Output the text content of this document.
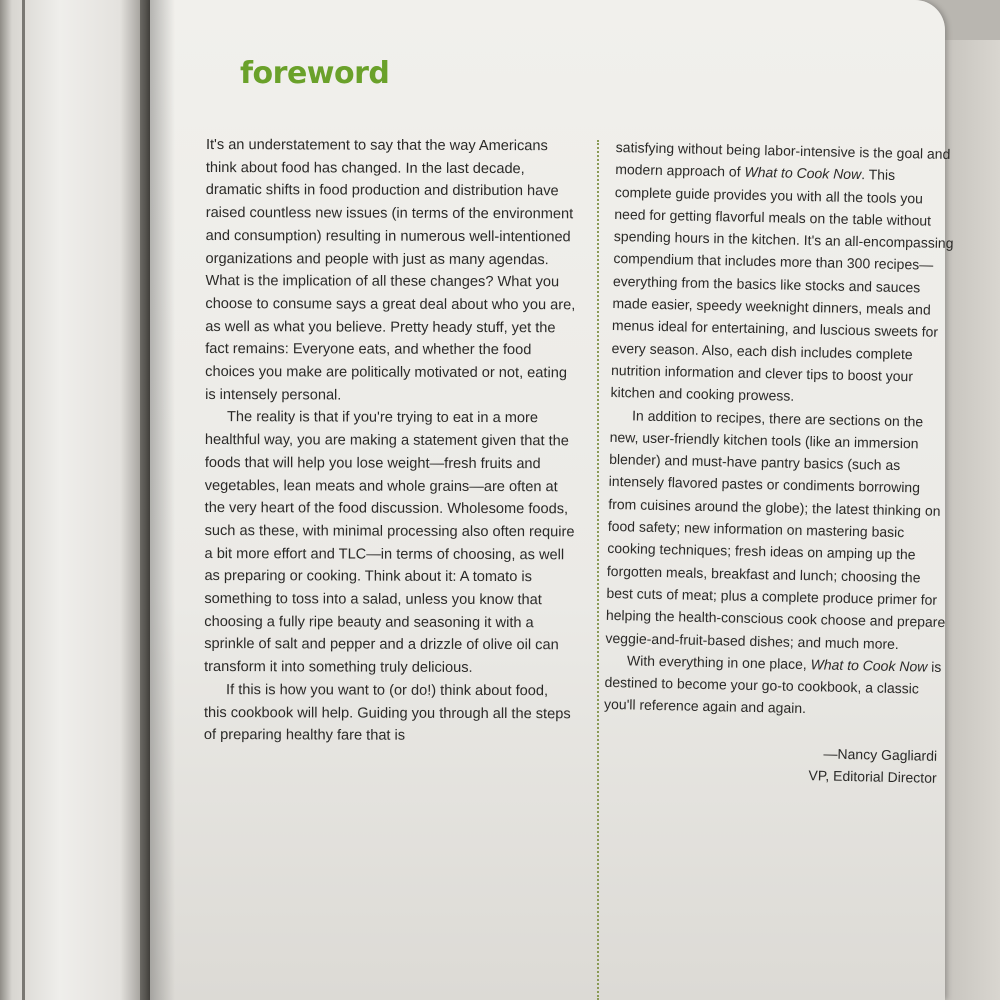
foreword

It's an understatement to say that the way Americans think about food has changed. In the last decade, dramatic shifts in food production and distribution have raised countless new issues (in terms of the environment and consumption) resulting in numerous well-intentioned organizations and people with just as many agendas. What is the implication of all these changes? What you choose to consume says a great deal about who you are, as well as what you believe. Pretty heady stuff, yet the fact remains: Everyone eats, and whether the food choices you make are politically motivated or not, eating is intensely personal.

The reality is that if you're trying to eat in a more healthful way, you are making a statement given that the foods that will help you lose weight—fresh fruits and vegetables, lean meats and whole grains—are often at the very heart of the food discussion. Wholesome foods, such as these, with minimal processing also often require a bit more effort and TLC—in terms of choosing, as well as preparing or cooking. Think about it: A tomato is something to toss into a salad, unless you know that choosing a fully ripe beauty and seasoning it with a sprinkle of salt and pepper and a drizzle of olive oil can transform it into something truly delicious.

If this is how you want to (or do!) think about food, this cookbook will help. Guiding you through all the steps of preparing healthy fare that is

satisfying without being labor-intensive is the goal and modern approach of What to Cook Now. This complete guide provides you with all the tools you need for getting flavorful meals on the table without spending hours in the kitchen. It's an all-encompassing compendium that includes more than 300 recipes—everything from the basics like stocks and sauces made easier, speedy weeknight dinners, meals and menus ideal for entertaining, and luscious sweets for every season. Also, each dish includes complete nutrition information and clever tips to boost your kitchen and cooking prowess.

In addition to recipes, there are sections on the new, user-friendly kitchen tools (like an immersion blender) and must-have pantry basics (such as intensely flavored pastes or condiments borrowing from cuisines around the globe); the latest thinking on food safety; new information on mastering basic cooking techniques; fresh ideas on amping up the forgotten meals, breakfast and lunch; choosing the best cuts of meat; plus a complete produce primer for helping the health-conscious cook choose and prepare veggie-and-fruit-based dishes; and much more.

With everything in one place, What to Cook Now is destined to become your go-to cookbook, a classic you'll reference again and again.

—Nancy Gagliardi
VP, Editorial Director
